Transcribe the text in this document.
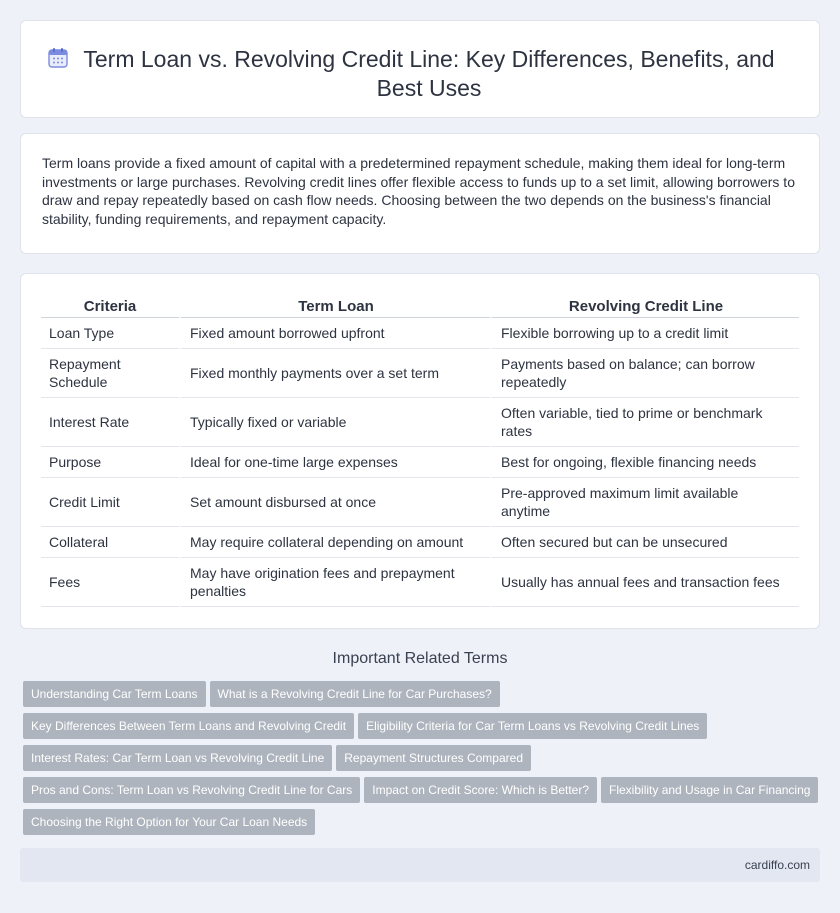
Term Loan vs. Revolving Credit Line: Key Differences, Benefits, and Best Uses

Term loans provide a fixed amount of capital with a predetermined repayment schedule, making them ideal for long-term investments or large purchases. Revolving credit lines offer flexible access to funds up to a set limit, allowing borrowers to draw and repay repeatedly based on cash flow needs. Choosing between the two depends on the business's financial stability, funding requirements, and repayment capacity.

Criteria	Term Loan	Revolving Credit Line
Loan Type	Fixed amount borrowed upfront	Flexible borrowing up to a credit limit
Repayment Schedule	Fixed monthly payments over a set term	Payments based on balance; can borrow repeatedly
Interest Rate	Typically fixed or variable	Often variable, tied to prime or benchmark rates
Purpose	Ideal for one-time large expenses	Best for ongoing, flexible financing needs
Credit Limit	Set amount disbursed at once	Pre-approved maximum limit available anytime
Collateral	May require collateral depending on amount	Often secured but can be unsecured
Fees	May have origination fees and prepayment penalties	Usually has annual fees and transaction fees
Important Related Terms
Understanding Car Term Loans What is a Revolving Credit Line for Car Purchases?
Key Differences Between Term Loans and Revolving Credit Eligibility Criteria for Car Term Loans vs Revolving Credit Lines
Interest Rates: Car Term Loan vs Revolving Credit Line Repayment Structures Compared
Pros and Cons: Term Loan vs Revolving Credit Line for Cars Impact on Credit Score: Which is Better? Flexibility and Usage in Car Financing
Choosing the Right Option for Your Car Loan Needs
cardiffo.com
